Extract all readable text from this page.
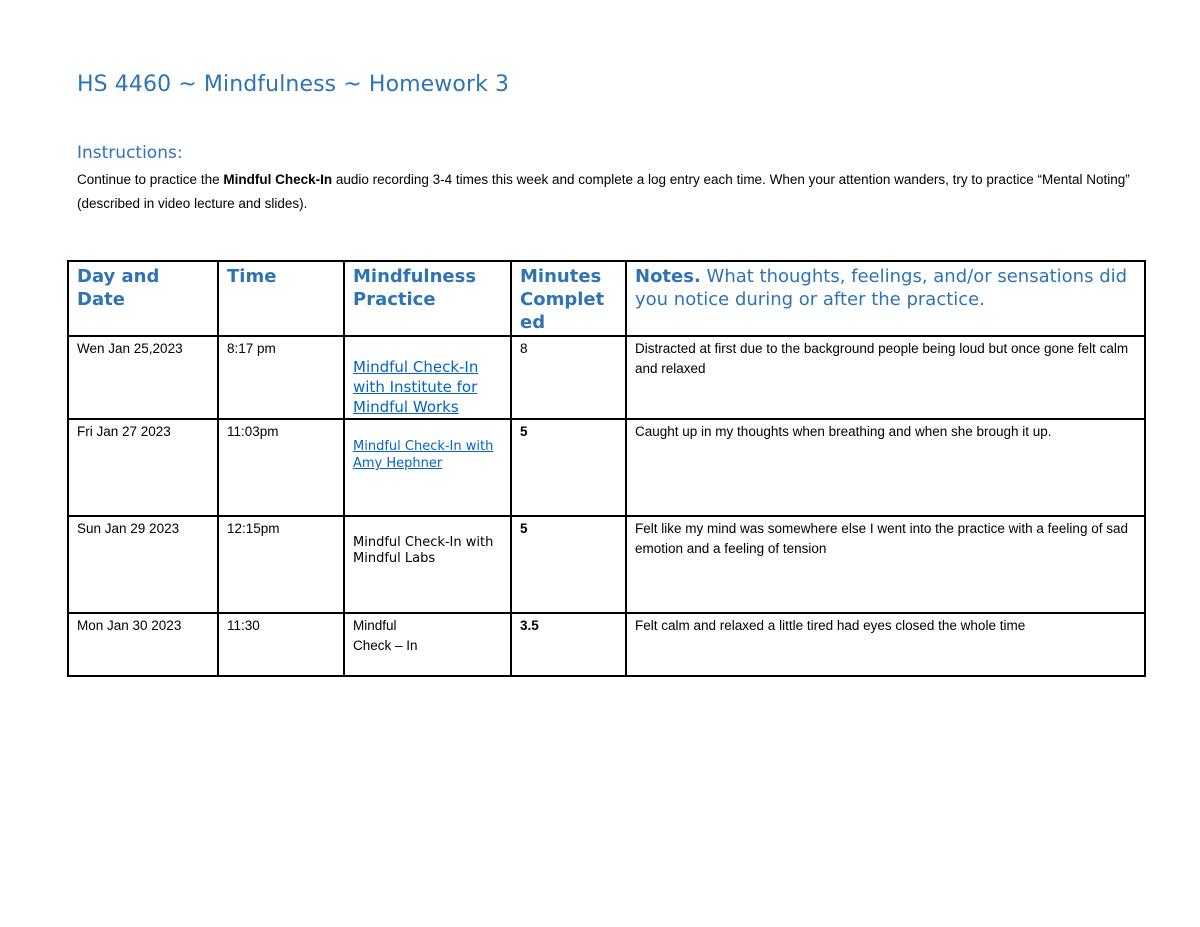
HS 4460 ~ Mindfulness ~ Homework 3
Instructions:

Continue to practice the Mindful Check-In audio recording 3-4 times this week and complete a log entry each time. When your attention wanders, try to practice “Mental Noting” (described in video lecture and slides).

Day and Date	Time	Mindfulness Practice	Minutes Complet ed	Notes. What thoughts, feelings, and/or sensations did you notice during or after the practice.
Wen Jan 25,2023	8:17 pm	Mindful Check-In with Institute for Mindful Works	8	Distracted at first due to the background people being loud but once gone felt calm and relaxed
Fri Jan 27 2023	11:03pm	Mindful Check-In with Amy Hephner	5	Caught up in my thoughts when breathing and when she brough it up.
Sun Jan 29 2023	12:15pm	Mindful Check-In with Mindful Labs	5	Felt like my mind was somewhere else I went into the practice with a feeling of sad emotion and a feeling of tension
Mon Jan 30 2023	11:30	Mindful
Check – In	3.5	Felt calm and relaxed a little tired had eyes closed the whole time
